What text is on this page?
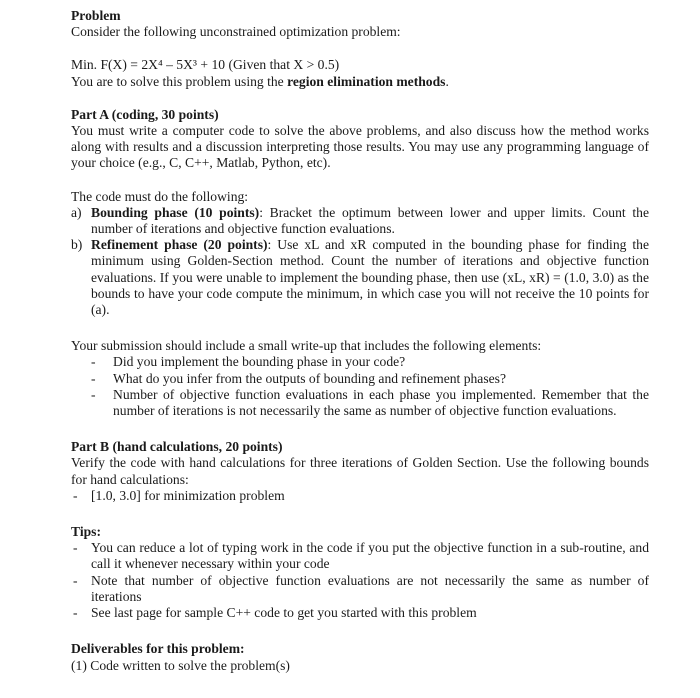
Problem

Consider the following unconstrained optimization problem:

Min. F(X) = 2X⁴ – 5X³ + 10 (Given that X > 0.5)

You are to solve this problem using the region elimination methods.

Part A (coding, 30 points)

You must write a computer code to solve the above problems, and also discuss how the method works along with results and a discussion interpreting those results. You may use any programming language of your choice (e.g., C, C++, Matlab, Python, etc).

The code must do the following:

a) Bounding phase (10 points): Bracket the optimum between lower and upper limits. Count the number of iterations and objective function evaluations.
b) Refinement phase (20 points): Use xL and xR computed in the bounding phase for finding the minimum using Golden-Section method. Count the number of iterations and objective function evaluations. If you were unable to implement the bounding phase, then use (xL, xR) = (1.0, 3.0) as the bounds to have your code compute the minimum, in which case you will not receive the 10 points for (a).

Your submission should include a small write-up that includes the following elements:

- Did you implement the bounding phase in your code?
- What do you infer from the outputs of bounding and refinement phases?
- Number of objective function evaluations in each phase you implemented. Remember that the number of iterations is not necessarily the same as number of objective function evaluations.

Part B (hand calculations, 20 points)

Verify the code with hand calculations for three iterations of Golden Section. Use the following bounds for hand calculations:

- [1.0, 3.0] for minimization problem

Tips:

- You can reduce a lot of typing work in the code if you put the objective function in a sub-routine, and call it whenever necessary within your code
- Note that number of objective function evaluations are not necessarily the same as number of iterations
- See last page for sample C++ code to get you started with this problem

Deliverables for this problem:

(1) Code written to solve the problem(s)
